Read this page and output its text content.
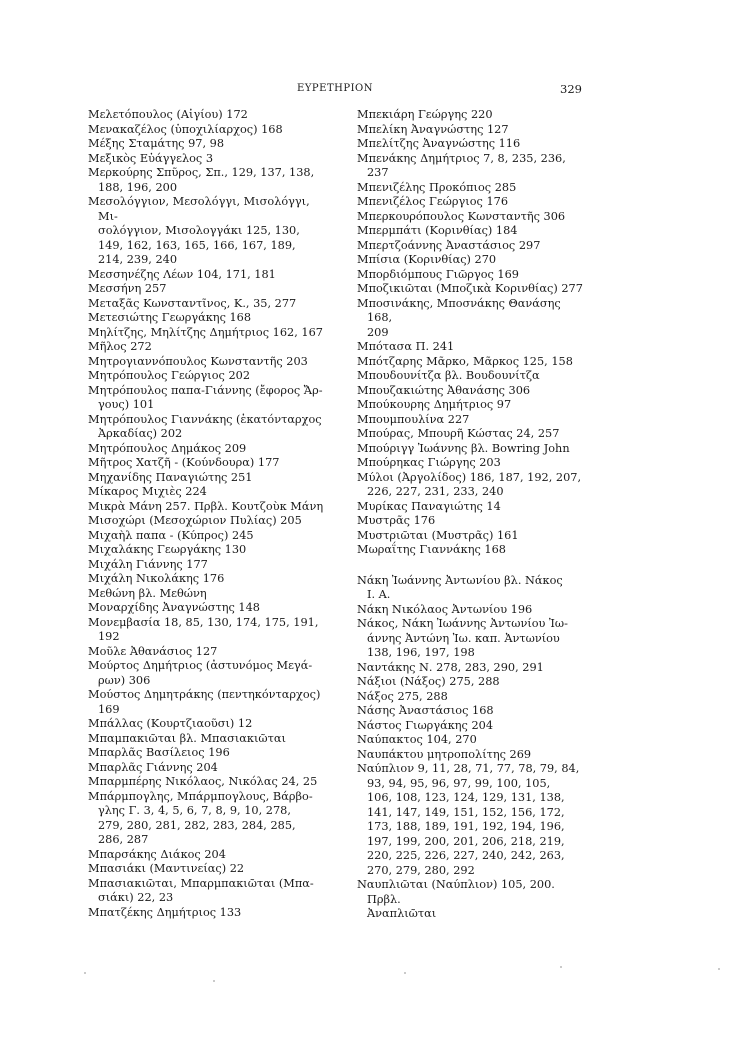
ΕΥΡΕΤΗΡΙΟΝ	329
Μελετόπουλος (Αἰγίου) 172
Μενακαζέλος (ὑποχιλίαρχος) 168
Μέξης Σταμάτης 97, 98
Μεξικὸς Εὐάγγελος 3
Μερκούρης Σπῦρος, Σπ., 129, 137, 138,
188, 196, 200
Μεσολόγγιον, Μεσολόγγι, Μισολόγγι, Μι-
σολόγγιον, Μισολογγάκι 125, 130,
149, 162, 163, 165, 166, 167, 189,
214, 239, 240
Μεσσηνέζης Λέων 104, 171, 181
Μεσσήνη 257
Μεταξᾶς Κωνσταντῖνος, Κ., 35, 277
Μετεσιώτης Γεωργάκης 168
Μηλίτζης, Μηλίτζης Δημήτριος 162, 167
Μῆλος 272
Μητρογιαννόπουλος Κωνσταντῆς 203
Μητρόπουλος Γεώργιος 202
Μητρόπουλος παπα-Γιάννης (ἔφορος Ἄρ-
γους) 101
Μητρόπουλος Γιαννάκης (ἑκατόνταρχος
Ἀρκαδίας) 202
Μητρόπουλος Δημάκος 209
Μῆτρος Χατζῆ - (Κούνδουρα) 177
Μηχανίδης Παναγιώτης 251
Μίκαρος Μιχιὲς 224
Μικρὰ Μάνη 257. Πρβλ. Κουτζοὺκ Μάνη
Μισοχώρι (Μεσοχώριον Πυλίας) 205
Μιχαὴλ παπα - (Κύπρος) 245
Μιχαλάκης Γεωργάκης 130
Μιχάλη Γιάννης 177
Μιχάλη Νικολάκης 176
Μεθώνη βλ. Μεθώνη
Μοναρχίδης Ἀναγνώστης 148
Μονεμβασία 18, 85, 130, 174, 175, 191,
192
Μοῦλε Ἀθανάσιος 127
Μούρτος Δημήτριος (ἀστυνόμος Μεγά-
ρων) 306
Μούστος Δημητράκης (πεντηκόνταρχος)
169
Μπάλλας (Κουρτζιαοῦσι) 12
Μπαμπακιῶται βλ. Μπασιακιῶται
Μπαρλᾶς Βασίλειος 196
Μπαρλᾶς Γιάννης 204
Μπαρμπέρης Νικόλαος, Νικόλας 24, 25
Μπάρμπογλης, Μπάρμπογλους, Βάρβο-
γλης Γ. 3, 4, 5, 6, 7, 8, 9, 10, 278,
279, 280, 281, 282, 283, 284, 285,
286, 287
Μπαρσάκης Διάκος 204
Μπασιάκι (Μαντινείας) 22
Μπασιακιῶται, Μπαρμπακιῶται (Μπα-
σιάκι) 22, 23
Μπατζέκης Δημήτριος 133
Μπεκιάρη Γεώργης 220
Μπελίκη Ἀναγνώστης 127
Μπελίτζης Ἀναγνώστης 116
Μπενάκης Δημήτριος 7, 8, 235, 236,
237
Μπενιζέλης Προκόπιος 285
Μπενιζέλος Γεώργιος 176
Μπερκουρόπουλος Κωνσταντῆς 306
Μπερμπάτι (Κορινθίας) 184
Μπερτζοάννης Ἀναστάσιος 297
Μπίσια (Κορινθίας) 270
Μπορδιόμπους Γιῶργος 169
Μποζικιῶται (Μποζικὰ Κορινθίας) 277
Μποσινάκης, Μποσνάκης Θανάσης 168,
209
Μπότασα Π. 241
Μπότζαρης Μᾶρκο, Μᾶρκος 125, 158
Μπουδουνίτζα βλ. Βουδουνίτζα
Μπουζακιώτης Ἀθανάσης 306
Μπούκουρης Δημήτριος 97
Μπουμπουλίνα 227
Μπούρας, Μπουρῆ Κώστας 24, 257
Μπούριγγ Ἰωάννης βλ. Bowring John
Μπούρηκας Γιώργης 203
Μύλοι (Ἀργολίδος) 186, 187, 192, 207,
226, 227, 231, 233, 240
Μυρίκας Παναγιώτης 14
Μυστρᾶς 176
Μυστριῶται (Μυστρᾶς) 161
Μωραΐτης Γιαννάκης 168
Νάκη Ἰωάννης Ἀντωνίου βλ. Νάκος
Ι. Α.
Νάκη Νικόλαος Ἀντωνίου 196
Νάκος, Νάκη Ἰωάννης Ἀντωνίου Ἰω-
άννης Ἀντώνη Ἰω. καπ. Ἀντωνίου
138, 196, 197, 198
Ναντάκης Ν. 278, 283, 290, 291
Νάξιοι (Νάξος) 275, 288
Νάξος 275, 288
Νάσης Ἀναστάσιος 168
Νάστος Γιωργάκης 204
Ναύπακτος 104, 270
Ναυπάκτου μητροπολίτης 269
Ναύπλιον 9, 11, 28, 71, 77, 78, 79, 84,
93, 94, 95, 96, 97, 99, 100, 105,
106, 108, 123, 124, 129, 131, 138,
141, 147, 149, 151, 152, 156, 172,
173, 188, 189, 191, 192, 194, 196,
197, 199, 200, 201, 206, 218, 219,
220, 225, 226, 227, 240, 242, 263,
270, 279, 280, 292
Ναυπλιῶται (Ναύπλιον) 105, 200. Πρβλ.
Ἀναπλιῶται
